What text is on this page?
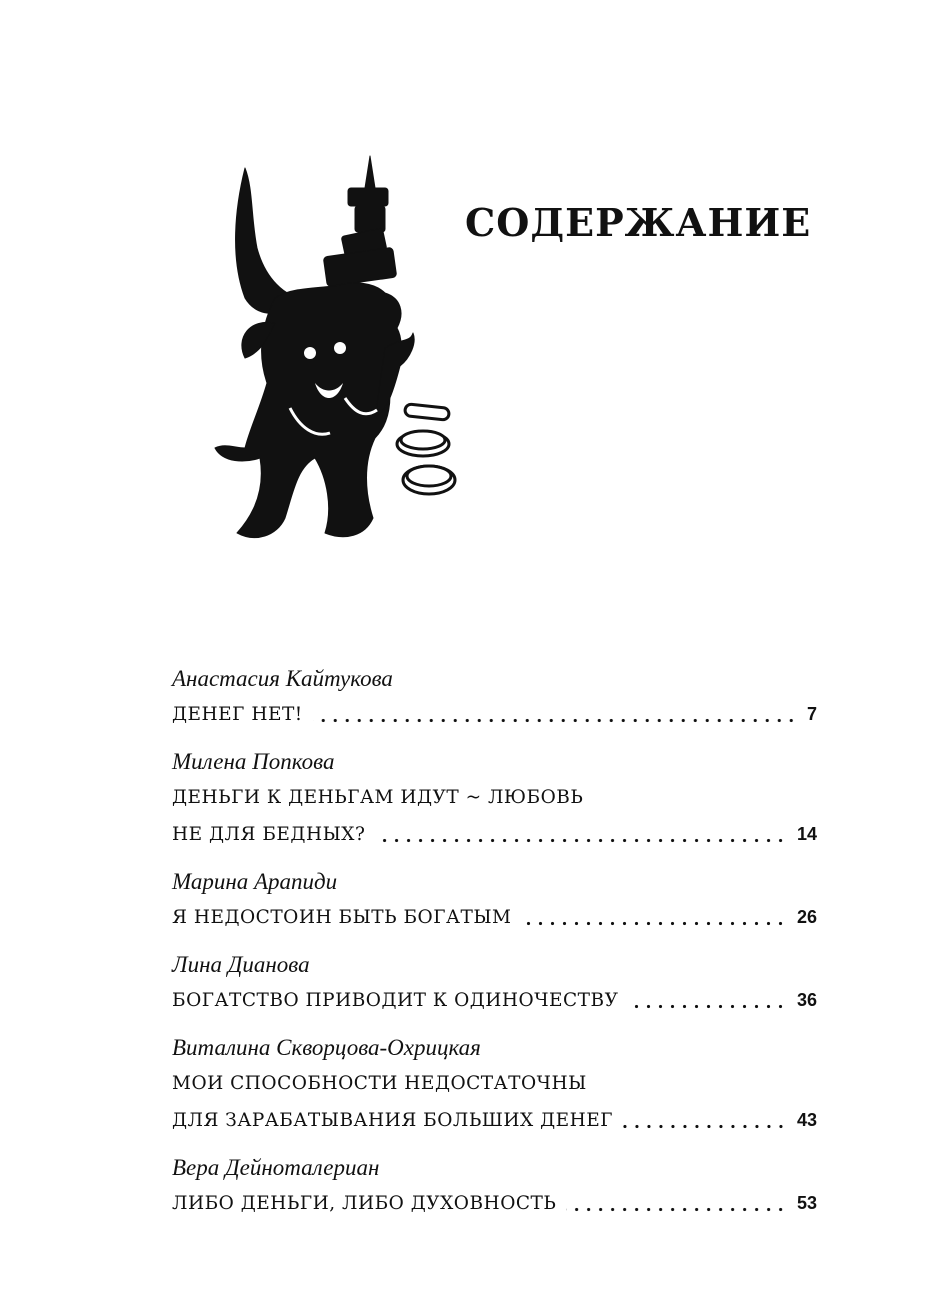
СОДЕРЖАНИЕ
Анастасия Кайтукова
ДЕНЕГ НЕТ!	7
Милена Попкова
ДЕНЬГИ К ДЕНЬГАМ ИДУТ ~ ЛЮБОВЬ
НЕ ДЛЯ БЕДНЫХ?	14
Марина Арапиди
Я НЕДОСТОИН БЫТЬ БОГАТЫМ	26
Лина Дианова
БОГАТСТВО ПРИВОДИТ К ОДИНОЧЕСТВУ	36
Виталина Скворцова-Охрицкая
МОИ СПОСОБНОСТИ НЕДОСТАТОЧНЫ
ДЛЯ ЗАРАБАТЫВАНИЯ БОЛЬШИХ ДЕНЕГ	43
Вера Дейноталериан
ЛИБО ДЕНЬГИ, ЛИБО ДУХОВНОСТЬ	53
